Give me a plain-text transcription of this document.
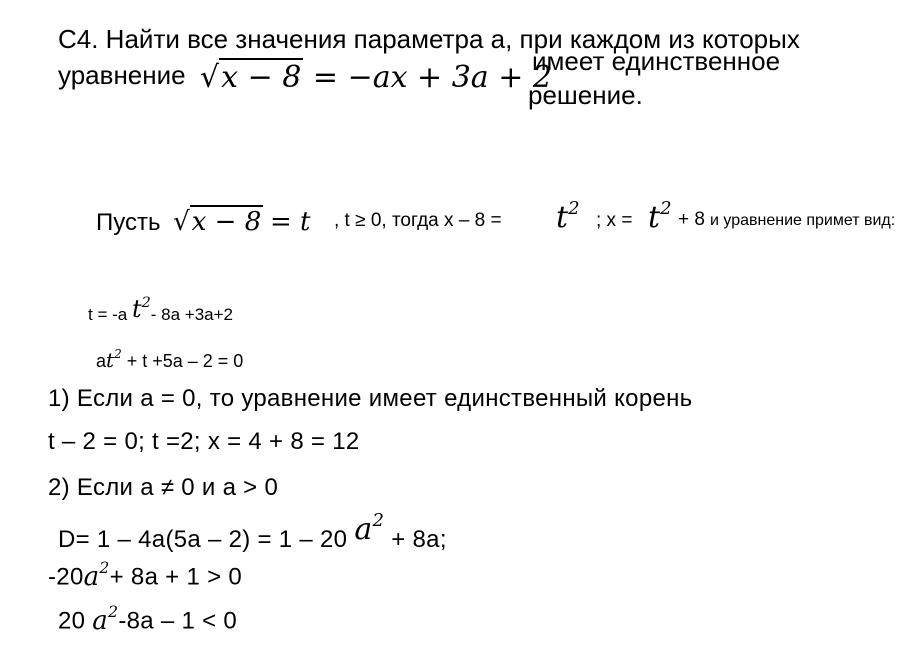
С4. Найти все значения параметра а, при каждом из которых
уравнение √x − 8 = −ax + 3a + 2
имеет единственное
решение.
Пусть √x − 8 = t , t ≥ 0, тогда $х - 8 = t^2$
; $х = t^2$
+ 8 и уравнение примет вид:
t = -a $t^2-$ 8a +3a+2
$at^2 + t +5a - 2 = 0$
1) Если а = 0, то уравнение имеет единственный корень
t – 2 = 0; t =2; х = 4 + 8 = 12
2) Если а ≠ 0 и а > 0
D= 1 – 4a(5a – 2) = 1 – 20 $a^2 + 8a$;
$-20a^2+ 8a + 1 > 0$
20 $a^2-8a - 1 < 0$
